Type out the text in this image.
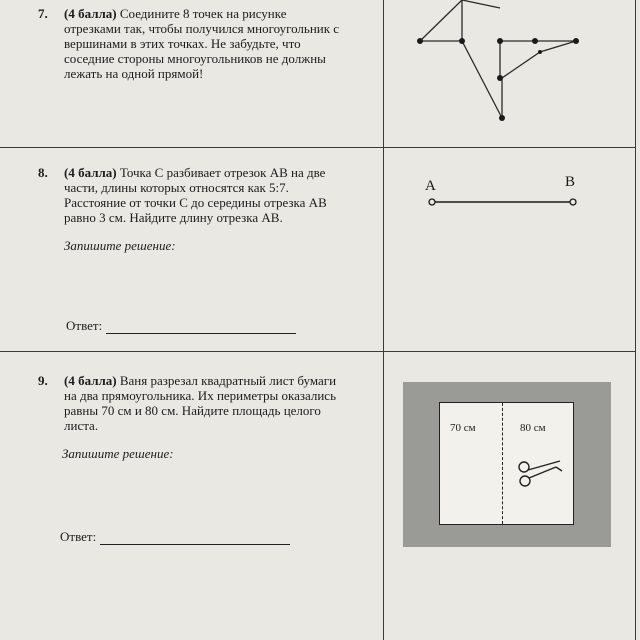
7. (4 балла) Соедините 8 точек на рисунке
отрезками так, чтобы получился многоугольник с
вершинами в этих точках. Не забудьте, что
соседние стороны многоугольников не должны
лежать на одной прямой!
8. (4 балла) Точка C разбивает отрезок AB на две
части, длины которых относятся как 5:7.
Расстояние от точки C до середины отрезка AB
равно 3 см. Найдите длину отрезка AB.
Запишите решение:
Ответ:
A	B
9. (4 балла) Ваня разрезал квадратный лист бумаги
на два прямоугольника. Их периметры оказались
равны 70 см и 80 см. Найдите площадь целого
листа.
Запишите решение:
Ответ:
70 см	80 см
